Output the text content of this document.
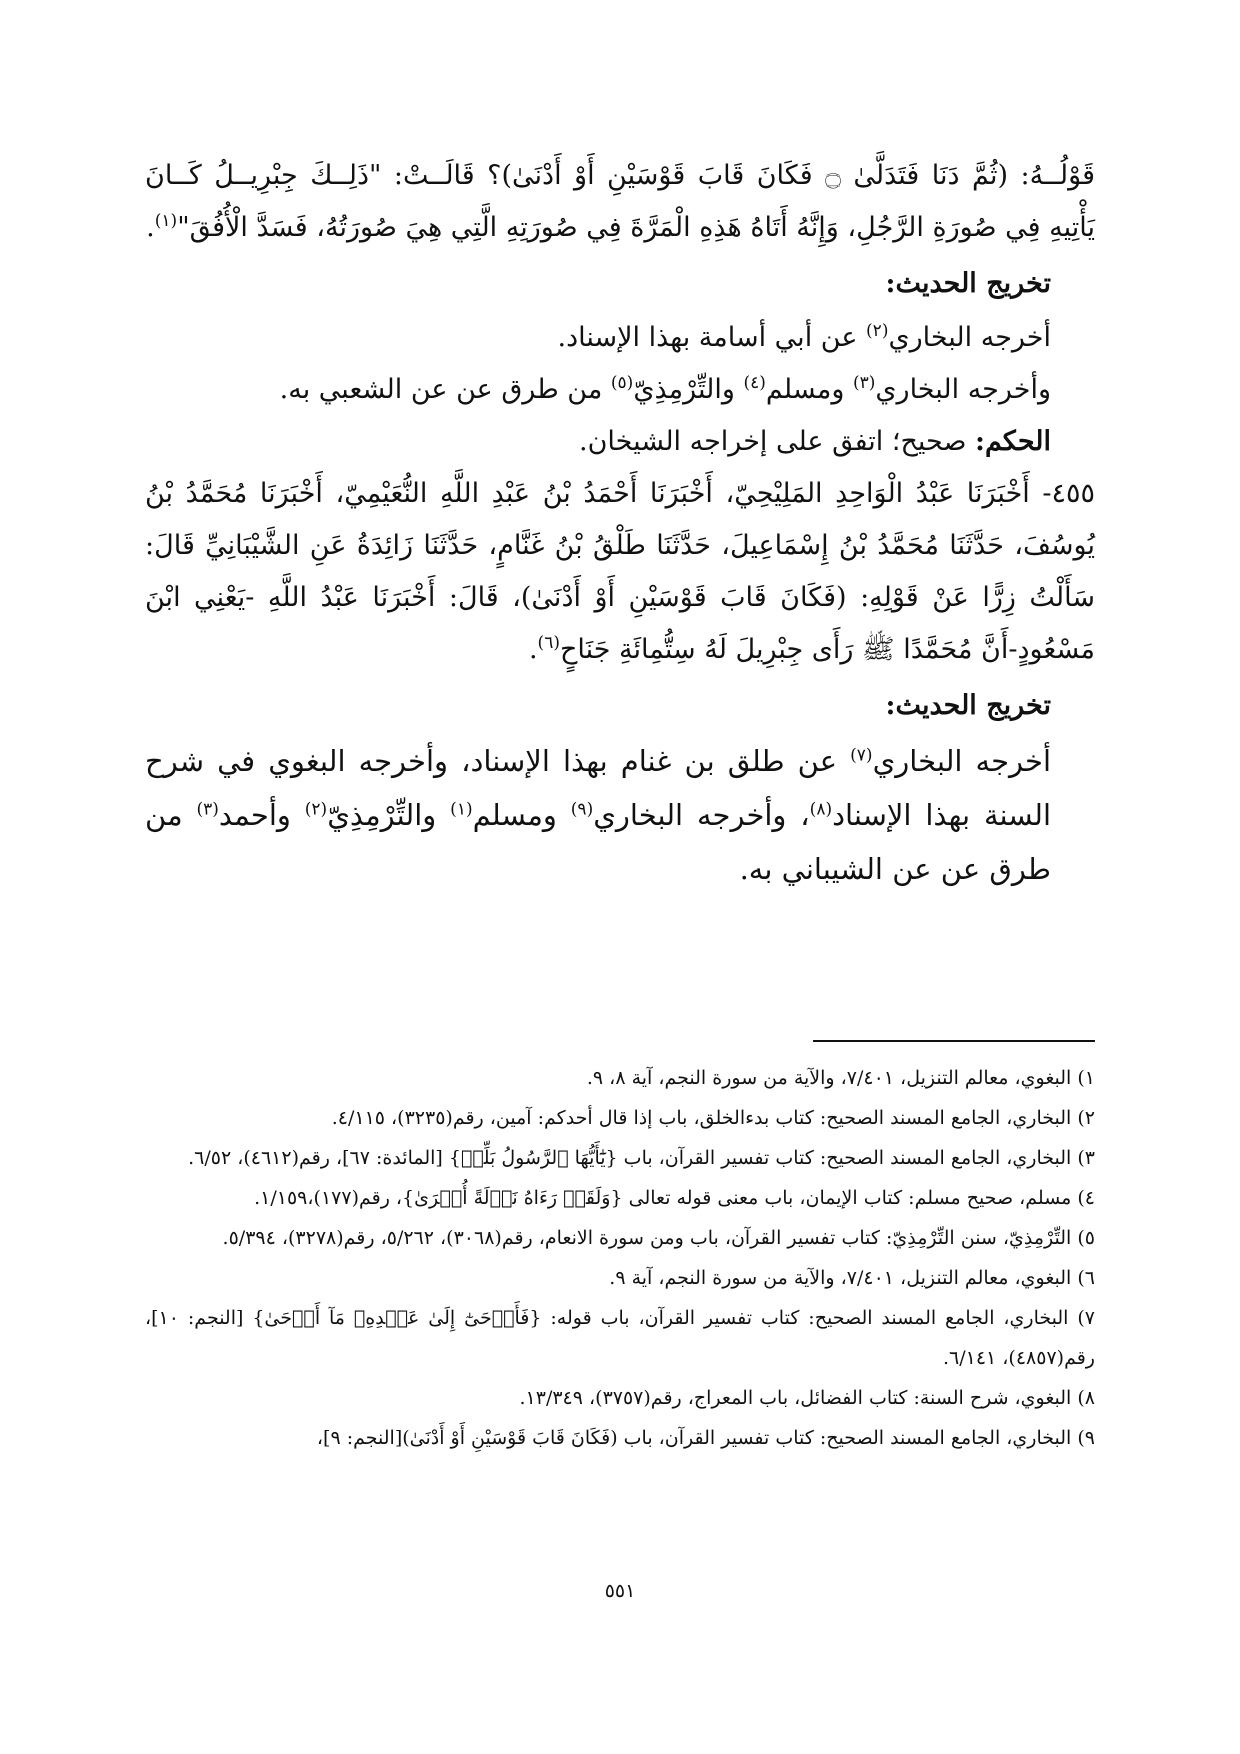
قَوْلُــهُ: (ثُمَّ دَنَا فَتَدَلَّىٰ ۝ فَكَانَ قَابَ قَوْسَيْنِ أَوْ أَدْنَىٰ)؟ قَالَــتْ: "ذَلِــكَ جِبْرِيــلُ كَــانَ يَأْتِيهِ فِي صُورَةِ الرَّجُلِ، وَإِنَّهُ أَتَاهُ هَذِهِ الْمَرَّةَ فِي صُورَتِهِ الَّتِي هِيَ صُورَتُهُ، فَسَدَّ الْأُفُقَ"$^{(١)}$.

تخريج الحديث:

أخرجه البخاري$^{(٢)}$ عن أبي أسامة بهذا الإسناد.

وأخرجه البخاري$^{(٣)}$ ومسلم$^{(٤)}$ والتِّرْمِذِيّ$^{(٥)}$ من طرق عن عن الشعبي به.

الحكم: صحيح؛ اتفق على إخراجه الشيخان.

٤٥٥- أَخْبَرَنَا عَبْدُ الْوَاحِدِ المَلِيْحِيّ، أَخْبَرَنَا أَحْمَدُ بْنُ عَبْدِ اللَّهِ النُّعَيْمِيّ، أَخْبَرَنَا مُحَمَّدُ بْنُ يُوسُفَ، حَدَّثَنَا مُحَمَّدُ بْنُ إِسْمَاعِيلَ، حَدَّثَنَا طَلْقُ بْنُ غَنَّامٍ، حَدَّثَنَا زَائِدَةُ عَنِ الشَّيْبَانِيِّ قَالَ: سَأَلْتُ زِرًّا عَنْ قَوْلِهِ: (فَكَانَ قَابَ قَوْسَيْنِ أَوْ أَدْنَىٰ)، قَالَ: أَخْبَرَنَا عَبْدُ اللَّهِ -يَعْنِي ابْنَ مَسْعُودٍ-أَنَّ مُحَمَّدًا ﷺ رَأَى جِبْرِيلَ لَهُ سِتُّمِائَةِ جَنَاحٍ$^{(٦)}$.

تخريج الحديث:

أخرجه البخاري$^{(٧)}$ عن طلق بن غنام بهذا الإسناد، وأخرجه البغوي في شرح السنة بهذا الإسناد$^{(٨)}$، وأخرجه البخاري$^{(٩)}$ ومسلم$^{(١)}$ والتِّرْمِذِيّ$^{(٢)}$ وأحمد$^{(٣)}$ من طرق عن عن الشيباني به.

١) البغوي، معالم التنزيل، ٧/٤٠١، والآية من سورة النجم، آية ٨، ٩.

٢) البخاري، الجامع المسند الصحيح: كتاب بدءالخلق، باب إذا قال أحدكم: آمين، رقم(٣٢٣٥)، ٤/١١٥.

٣) البخاري، الجامع المسند الصحيح: كتاب تفسير القرآن، باب {يَٰٓأَيُّهَا ٱلرَّسُولُ بَلِّغۡ} [المائدة: ٦٧]، رقم(٤٦١٢)، ٦/٥٢.

٤) مسلم، صحيح مسلم: كتاب الإيمان، باب معنى قوله تعالى {وَلَقَدۡ رَءَاهُ نَزۡلَةً أُخۡرَىٰ}، رقم(١٧٧)،١/١٥٩.

٥) التِّرْمِذِيّ، سنن التِّرْمِذِيّ: كتاب تفسير القرآن، باب ومن سورة الانعام، رقم(٣٠٦٨)، ٥/٢٦٢، رقم(٣٢٧٨)، ٥/٣٩٤.

٦) البغوي، معالم التنزيل، ٧/٤٠١، والآية من سورة النجم، آية ٩.

٧) البخاري، الجامع المسند الصحيح: كتاب تفسير القرآن، باب قوله: {فَأَوۡحَىٰٓ إِلَىٰ عَبۡدِهِۦ مَآ أَوۡحَىٰ} [النجم: ١٠]، رقم(٤٨٥٧)، ٦/١٤١.

٨) البغوي، شرح السنة: كتاب الفضائل، باب المعراج، رقم(٣٧٥٧)، ١٣/٣٤٩.

٩) البخاري، الجامع المسند الصحيح: كتاب تفسير القرآن، باب (فَكَانَ قَابَ قَوْسَيْنِ أَوْ أَدْنَىٰ)[النجم: ٩]،

٥٥١
